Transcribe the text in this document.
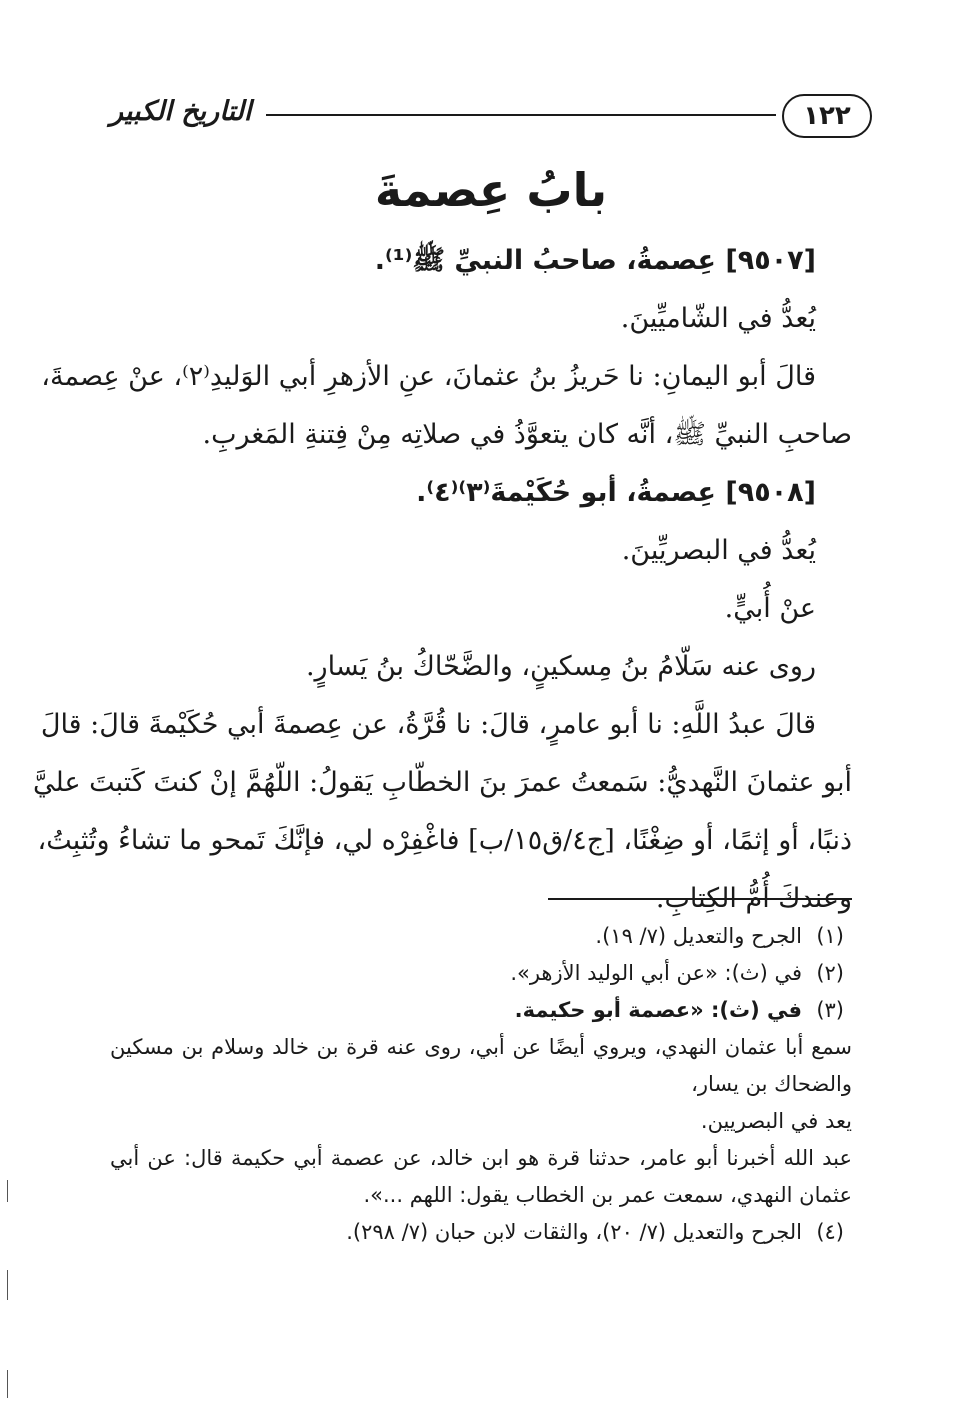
١٢٢
التاريخ الكبير
بابُ عِصمةَ
[٩٥٠٧] عِصمةُ، صاحبُ النبيِّ ﷺ⁽¹⁾.
يُعدُّ في الشّاميِّينَ.
قالَ أبو اليمانِ: نا حَريزُ بنُ عثمانَ، عنِ الأزهرِ أبي الوَليدِ⁽٢⁾، عنْ عِصمةَ،
صاحبِ النبيِّ ﷺ، أنَّه كان يتعوَّذُ في صلاتِه مِنْ فِتنةِ المَغربِ.
[٩٥٠٨] عِصمةُ، أبو حُكَيْمةَ⁽٣⁾⁽٤⁾.
يُعدُّ في البصريِّينَ.
عنْ أُبيٍّ.
روى عنه سَلّامُ بنُ مِسكينٍ، والضَّحّاكُ بنُ يَسارٍ.
قالَ عبدُ اللَّهِ: نا أبو عامرٍ، قالَ: نا قُرَّةُ، عن عِصمةَ أبي حُكَيْمةَ قالَ: قالَ
أبو عثمانَ النَّهديُّ: سَمعتُ عمرَ بنَ الخطّابِ يَقولُ: اللّهُمَّ إنْ كنتَ كَتبتَ عليَّ
ذنبًا، أو إثمًا، أو ضِغْنًا، [ج٤/ق١٥/ب] فاغْفِرْه لي، فإنَّكَ تَمحو ما تشاءُ وتُثبِتُ،
وعندكَ أُمُّ الكِتابِ.
(١)الجرح والتعديل (٧/ ١٩).
(٢)في (ث): «عن أبي الوليد الأزهر».
(٣)في (ث): «عصمة أبو حكيمة.
سمع أبا عثمان النهدي، ويروي أيضًا عن أبي، روى عنه قرة بن خالد وسلام بن مسكين
والضحاك بن يسار،
يعد في البصريين.
عبد الله أخبرنا أبو عامر، حدثنا قرة هو ابن خالد، عن عصمة أبي حكيمة قال: عن أبي
عثمان النهدي، سمعت عمر بن الخطاب يقول: اللهم ...».
(٤)الجرح والتعديل (٧/ ٢٠)، والثقات لابن حبان (٧/ ٢٩٨).
